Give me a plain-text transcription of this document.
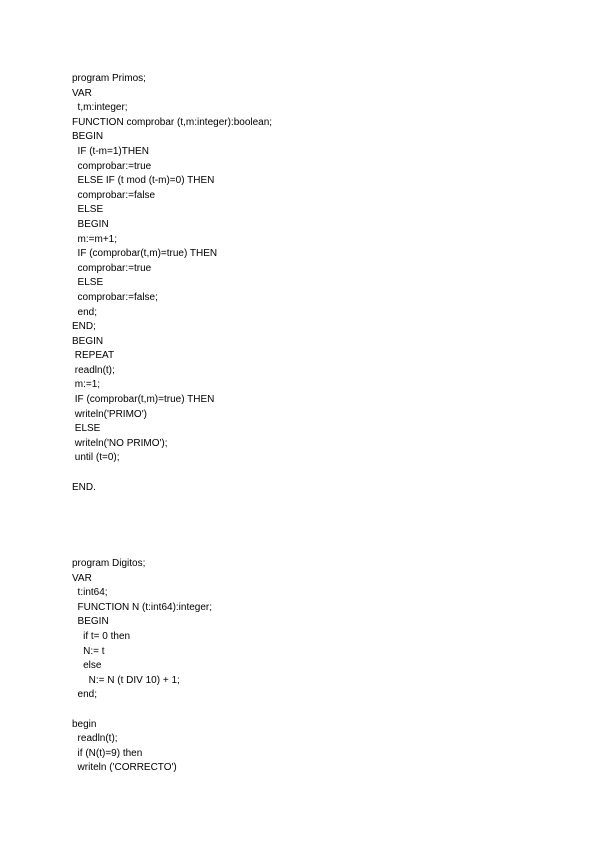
program Primos;
VAR
t,m:integer;
FUNCTION comprobar (t,m:integer):boolean;
BEGIN
IF (t-m=1)THEN
comprobar:=true
ELSE IF (t mod (t-m)=0) THEN
comprobar:=false
ELSE
BEGIN
m:=m+1;
IF (comprobar(t,m)=true) THEN
comprobar:=true
ELSE
comprobar:=false;
end;
END;
BEGIN
REPEAT
readln(t);
m:=1;
IF (comprobar(t,m)=true) THEN
writeln('PRIMO')
ELSE
writeln('NO PRIMO');
until (t=0);

END.
program Digitos;
VAR
t:int64;
FUNCTION N (t:int64):integer;
BEGIN
if t= 0 then
N:= t
else
N:= N (t DIV 10) + 1;
end;

begin
readln(t);
if (N(t)=9) then
writeln ('CORRECTO')
